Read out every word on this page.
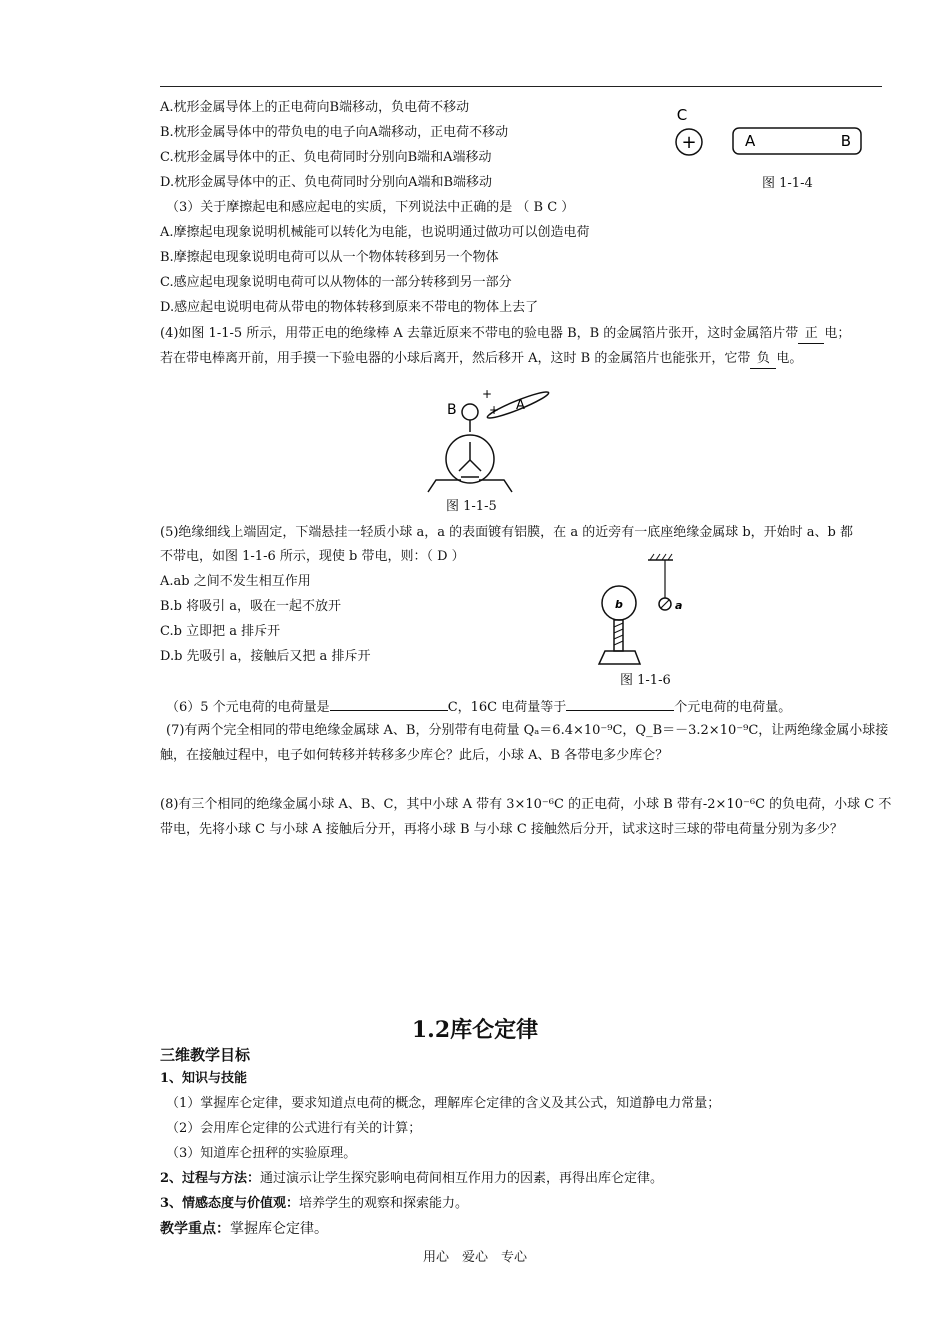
A.枕形金属导体上的正电荷向B端移动，负电荷不移动
B.枕形金属导体中的带负电的电子向A端移动，正电荷不移动
C.枕形金属导体中的正、负电荷同时分别向B端和A端移动
D.枕形金属导体中的正、负电荷同时分别向A端和B端移动
C
+	A	B
图 1-1-4
（3）关于摩擦起电和感应起电的实质，下列说法中正确的是 （ B C ）
A.摩擦起电现象说明机械能可以转化为电能，也说明通过做功可以创造电荷
B.摩擦起电现象说明电荷可以从一个物体转移到另一个物体
C.感应起电现象说明电荷可以从物体的一部分转移到另一部分
D.感应起电说明电荷从带电的物体转移到原来不带电的物体上去了
(4)如图 1-1-5 所示，用带正电的绝缘棒 A 去靠近原来不带电的验电器 B，B 的金属箔片张开，这时金属箔片带 正 电；
若在带电棒离开前，用手摸一下验电器的小球后离开，然后移开 A，这时 B 的金属箔片也能张开，它带 负 电。
B	A
+
+
图 1-1-5
(5)绝缘细线上端固定，下端悬挂一轻质小球 a，a 的表面镀有铝膜，在 a 的近旁有一底座绝缘金属球 b，开始时 a、b 都
不带电，如图 1-1-6 所示，现使 b 带电，则：（ D ）
A.ab 之间不发生相互作用
B.b 将吸引 a，吸在一起不放开
C.b 立即把 a 排斥开
D.b 先吸引 a，接触后又把 a 排斥开
a
b
图 1-1-6
（6）5 个元电荷的电荷量是	C，16C 电荷量等于	个元电荷的电荷量。
(7)有两个完全相同的带电绝缘金属球 A、B，分别带有电荷量 Qₐ＝6.4×10⁻⁹C，Q_B＝－3.2×10⁻⁹C，让两绝缘金属小球接
触，在接触过程中，电子如何转移并转移多少库仑？此后，小球 A、B 各带电多少库仑？
(8)有三个相同的绝缘金属小球 A、B、C，其中小球 A 带有 3×10⁻⁶C 的正电荷，小球 B 带有-2×10⁻⁶C 的负电荷，小球 C 不
带电，先将小球 C 与小球 A 接触后分开，再将小球 B 与小球 C 接触然后分开，试求这时三球的带电荷量分别为多少？
1.2库仑定律
三维教学目标
1、知识与技能
（1）掌握库仑定律，要求知道点电荷的概念，理解库仑定律的含义及其公式，知道静电力常量；
（2）会用库仑定律的公式进行有关的计算；
（3）知道库仑扭秤的实验原理。
2、过程与方法：通过演示让学生探究影响电荷间相互作用力的因素，再得出库仑定律。
3、情感态度与价值观：培养学生的观察和探索能力。
教学重点：掌握库仑定律。
用心　爱心　专心
